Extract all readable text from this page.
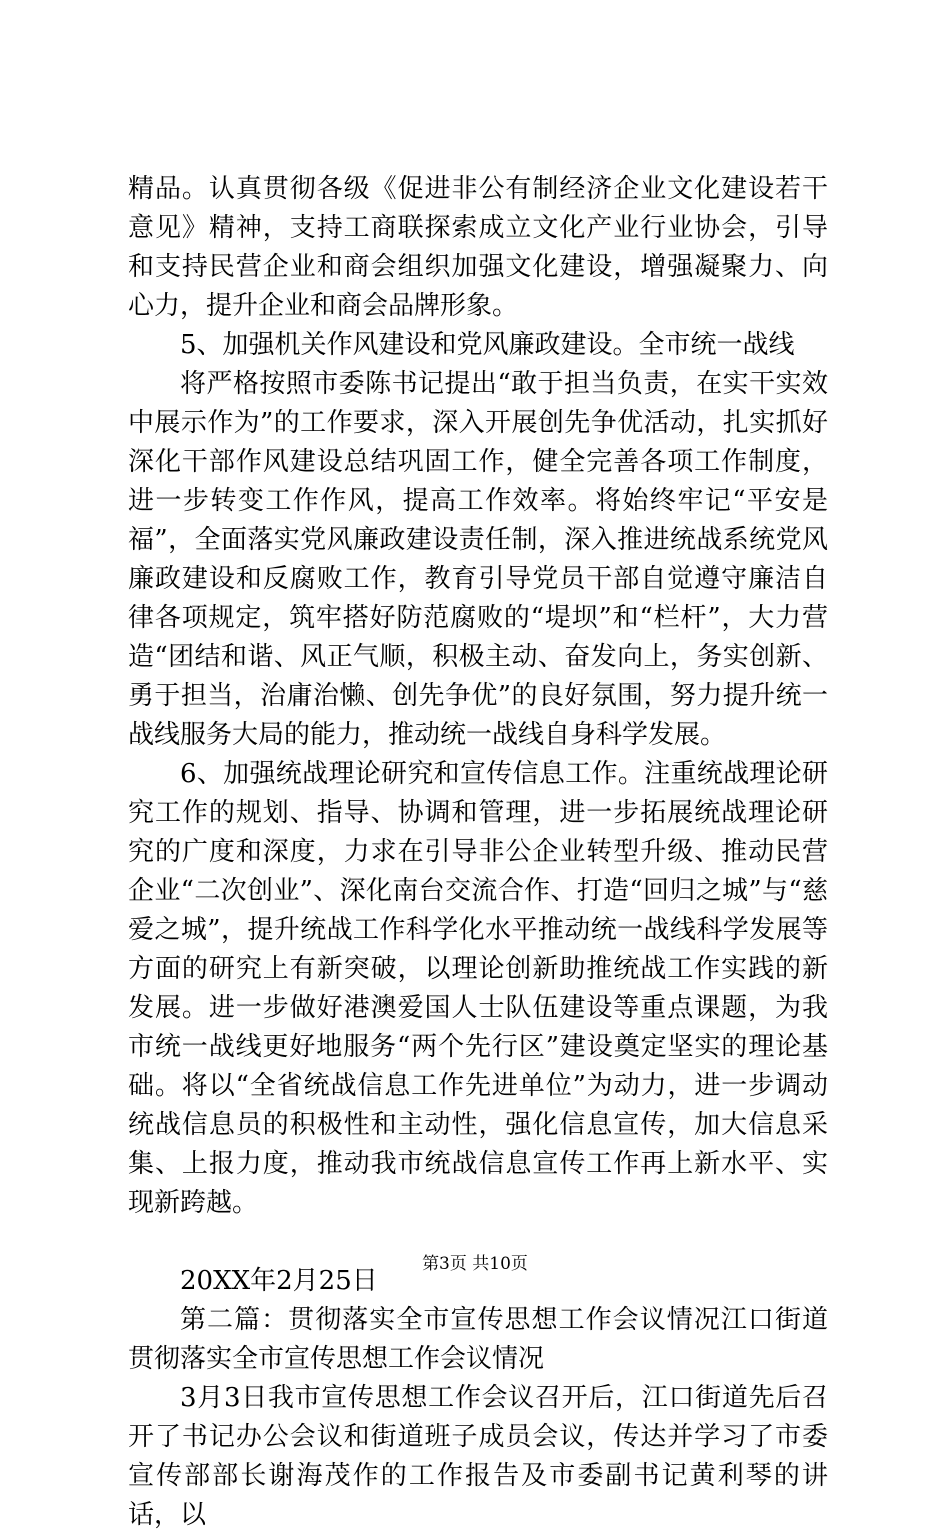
精品。认真贯彻各级《促进非公有制经济企业文化建设若干意见》精神，支持工商联探索成立文化产业行业协会，引导和支持民营企业和商会组织加强文化建设，增强凝聚力、向心力，提升企业和商会品牌形象。

5、加强机关作风建设和党风廉政建设。全市统一战线

将严格按照市委陈书记提出“敢于担当负责，在实干实效中展示作为”的工作要求，深入开展创先争优活动，扎实抓好深化干部作风建设总结巩固工作，健全完善各项工作制度，进一步转变工作作风，提高工作效率。将始终牢记“平安是福”，全面落实党风廉政建设责任制，深入推进统战系统党风廉政建设和反腐败工作，教育引导党员干部自觉遵守廉洁自律各项规定，筑牢搭好防范腐败的“堤坝”和“栏杆”，大力营造“团结和谐、风正气顺，积极主动、奋发向上，务实创新、勇于担当，治庸治懒、创先争优”的良好氛围，努力提升统一战线服务大局的能力，推动统一战线自身科学发展。

6、加强统战理论研究和宣传信息工作。注重统战理论研究工作的规划、指导、协调和管理，进一步拓展统战理论研究的广度和深度，力求在引导非公企业转型升级、推动民营企业“二次创业”、深化南台交流合作、打造“回归之城”与“慈爱之城”，提升统战工作科学化水平推动统一战线科学发展等方面的研究上有新突破，以理论创新助推统战工作实践的新发展。进一步做好港澳爱国人士队伍建设等重点课题，为我市统一战线更好地服务“两个先行区”建设奠定坚实的理论基础。将以“全省统战信息工作先进单位”为动力，进一步调动统战信息员的积极性和主动性，强化信息宣传，加大信息采集、上报力度，推动我市统战信息宣传工作再上新水平、实现新跨越。

20XX年2月25日

第二篇：贯彻落实全市宣传思想工作会议情况江口街道贯彻落实全市宣传思想工作会议情况

3月3日我市宣传思想工作会议召开后，江口街道先后召开了书记办公会议和街道班子成员会议，传达并学习了市委宣传部部长谢海茂作的工作报告及市委副书记黄利琴的讲话，以

第3页 共10页
